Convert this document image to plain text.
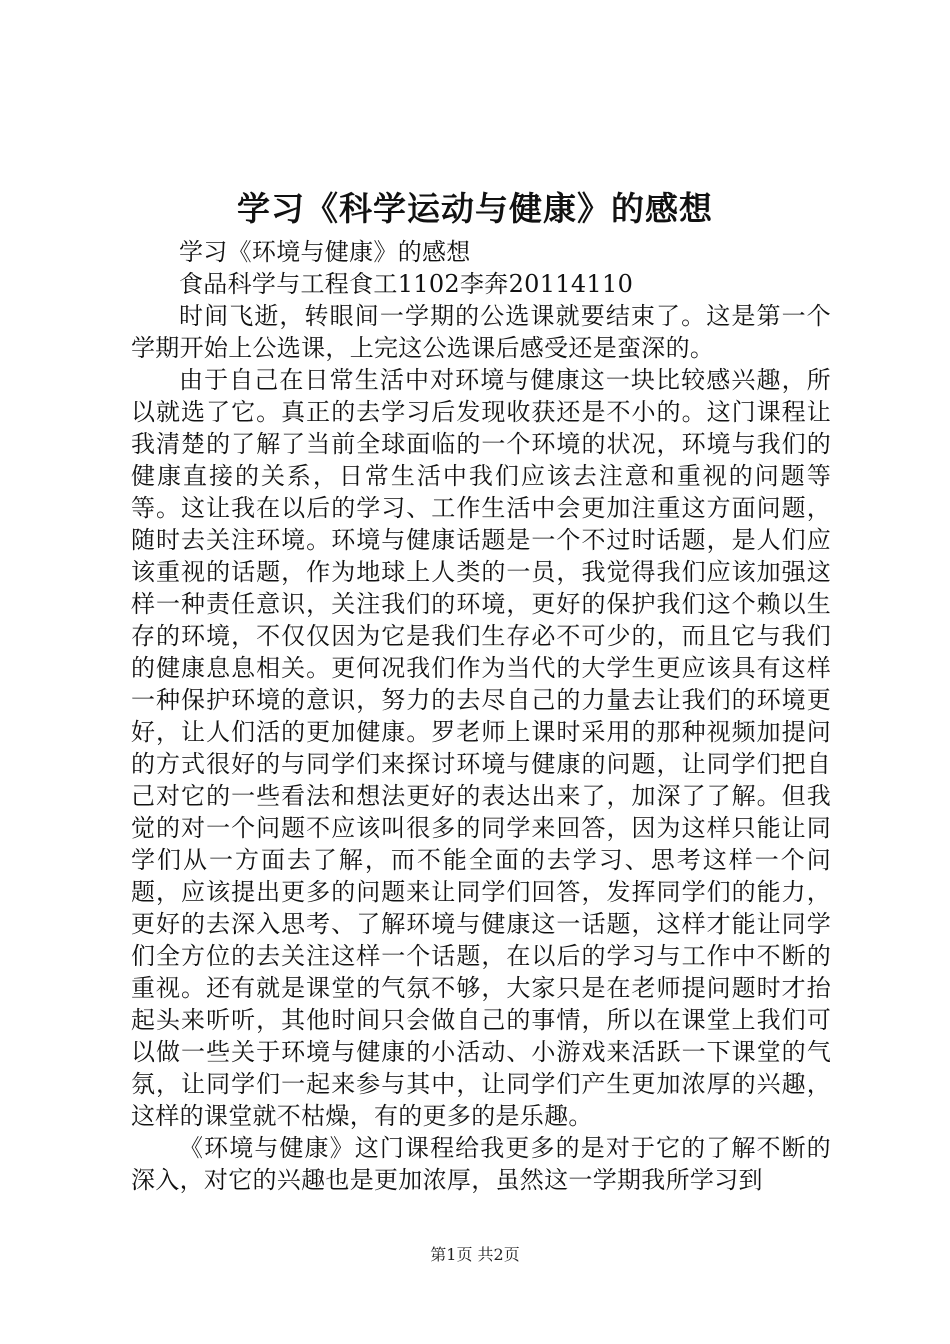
学习《科学运动与健康》的感想

学习《环境与健康》的感想

食品科学与工程食工1102李奔20114110

时间飞逝，转眼间一学期的公选课就要结束了。这是第一个学期开始上公选课，上完这公选课后感受还是蛮深的。

由于自己在日常生活中对环境与健康这一块比较感兴趣，所以就选了它。真正的去学习后发现收获还是不小的。这门课程让我清楚的了解了当前全球面临的一个环境的状况，环境与我们的健康直接的关系，日常生活中我们应该去注意和重视的问题等等。这让我在以后的学习、工作生活中会更加注重这方面问题，随时去关注环境。环境与健康话题是一个不过时话题，是人们应该重视的话题，作为地球上人类的一员，我觉得我们应该加强这样一种责任意识，关注我们的环境，更好的保护我们这个赖以生存的环境，不仅仅因为它是我们生存必不可少的，而且它与我们的健康息息相关。更何况我们作为当代的大学生更应该具有这样一种保护环境的意识，努力的去尽自己的力量去让我们的环境更好，让人们活的更加健康。罗老师上课时采用的那种视频加提问的方式很好的与同学们来探讨环境与健康的问题，让同学们把自己对它的一些看法和想法更好的表达出来了，加深了了解。但我觉的对一个问题不应该叫很多的同学来回答，因为这样只能让同学们从一方面去了解，而不能全面的去学习、思考这样一个问题，应该提出更多的问题来让同学们回答，发挥同学们的能力，更好的去深入思考、了解环境与健康这一话题，这样才能让同学们全方位的去关注这样一个话题，在以后的学习与工作中不断的重视。还有就是课堂的气氛不够，大家只是在老师提问题时才抬起头来听听，其他时间只会做自己的事情，所以在课堂上我们可以做一些关于环境与健康的小活动、小游戏来活跃一下课堂的气氛，让同学们一起来参与其中，让同学们产生更加浓厚的兴趣，这样的课堂就不枯燥，有的更多的是乐趣。

《环境与健康》这门课程给我更多的是对于它的了解不断的深入，对它的兴趣也是更加浓厚，虽然这一学期我所学习到

第1页 共2页
